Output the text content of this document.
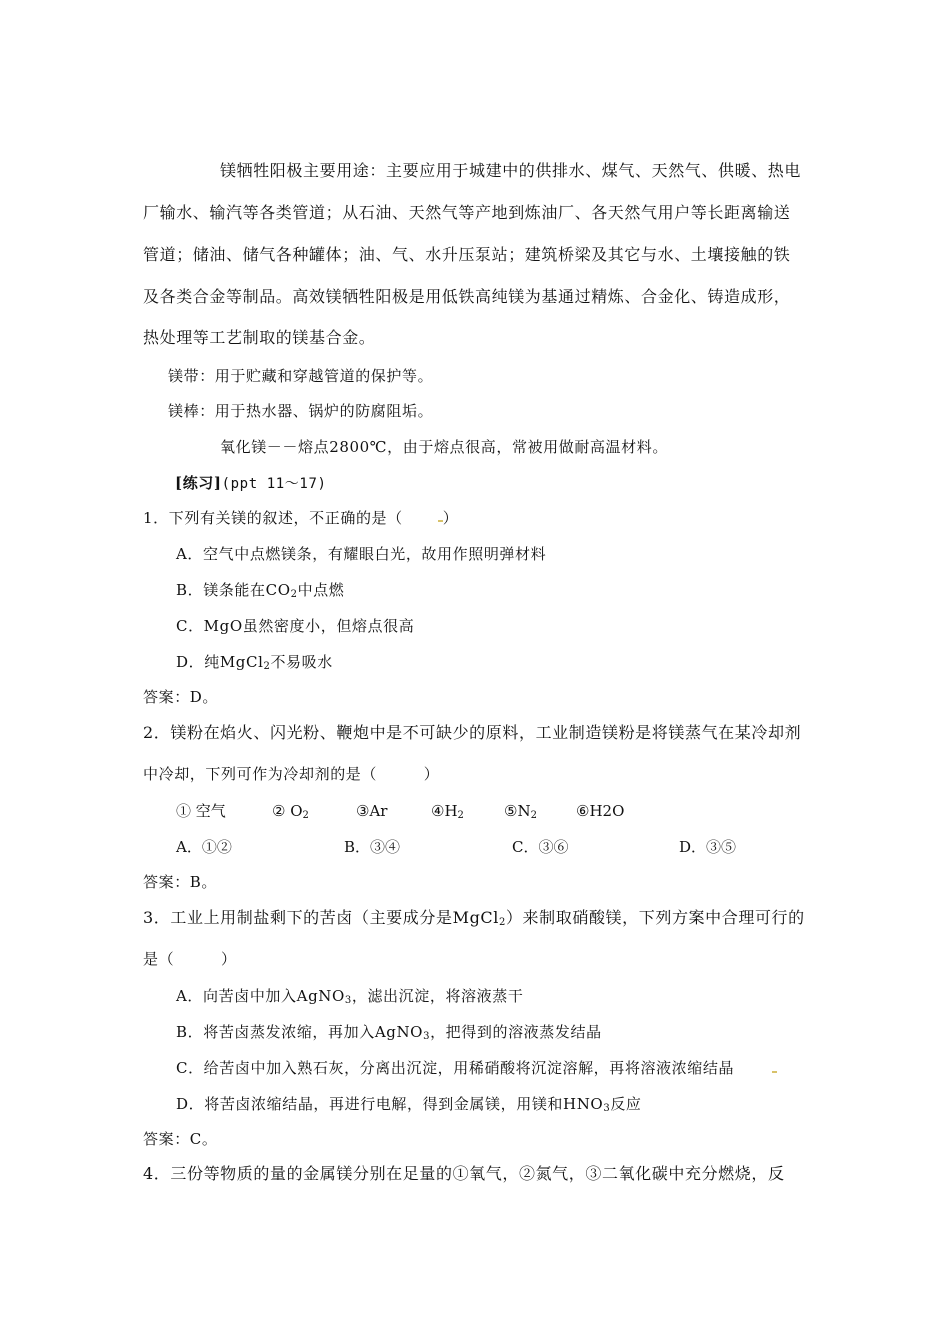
镁牺牲阳极主要用途：主要应用于城建中的供排水、煤气、天然气、供暖、热电
厂输水、输汽等各类管道；从石油、天然气等产地到炼油厂、各天然气用户等长距离输送
管道；储油、储气各种罐体；油、气、水升压泵站；建筑桥梁及其它与水、土壤接触的铁
及各类合金等制品。高效镁牺牲阳极是用低铁高纯镁为基通过精炼、合金化、铸造成形，
热处理等工艺制取的镁基合金。
镁带：用于贮藏和穿越管道的保护等。
镁棒：用于热水器、锅炉的防腐阻垢。
氧化镁－－熔点2800℃，由于熔点很高，常被用做耐高温材料。
[练习](ppt 11～17)
1．下列有关镁的叙述，不正确的是（	）
A．空气中点燃镁条，有耀眼白光，故用作照明弹材料
B．镁条能在$CO_2$中点燃
C．MgO虽然密度小，但熔点很高
D．纯MgCl$_2$不易吸水
答案：D。
2．镁粉在焰火、闪光粉、鞭炮中是不可缺少的原料，工业制造镁粉是将镁蒸气在某冷却剂
中冷却，下列可作为冷却剂的是（　　　）
① 空气	② $O_2$	③Ar	$④H_2$	$⑤N_2$	⑥H2O
A．①②	B．③④	C．③⑥	D．③⑤
答案：B。
3．工业上用制盐剩下的苦卤（主要成分是MgCl$_2$）来制取硝酸镁，下列方案中合理可行的
是（　　　）
A．向苦卤中加入AgNO$_3$，滤出沉淀，将溶液蒸干
B．将苦卤蒸发浓缩，再加入AgNO$_3$，把得到的溶液蒸发结晶
C．给苦卤中加入熟石灰，分离出沉淀，用稀硝酸将沉淀溶解，再将溶液浓缩结晶
D．将苦卤浓缩结晶，再进行电解，得到金属镁，用镁和$HNO_3$反应
答案：C。
4．三份等物质的量的金属镁分别在足量的①氧气，②氮气，③二氧化碳中充分燃烧，反
